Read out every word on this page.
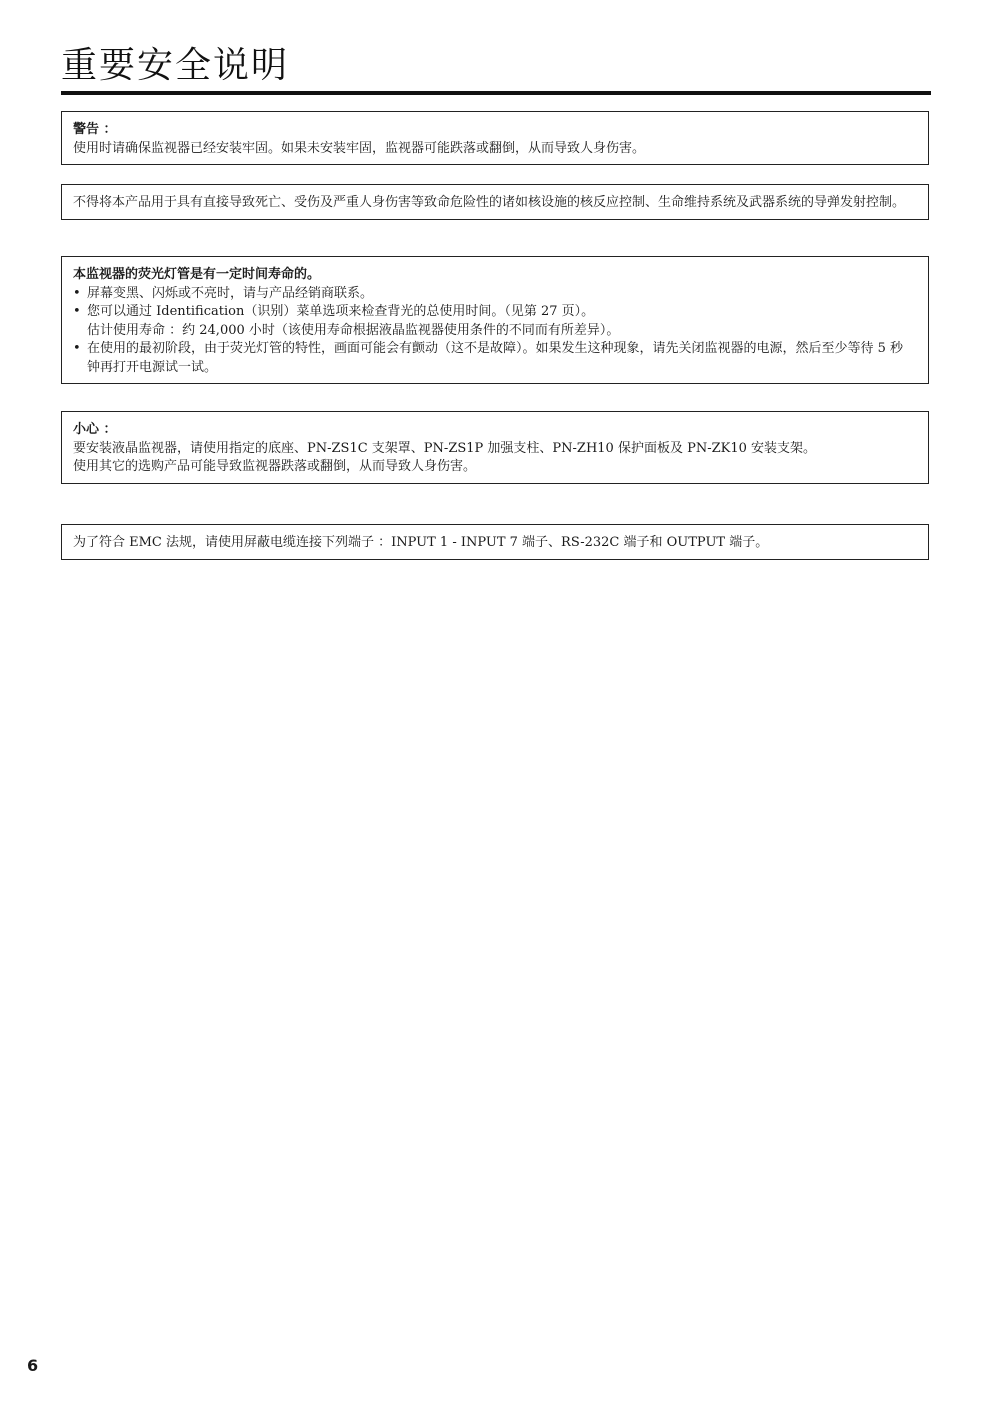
重要安全说明
警告 ：
使用时请确保监视器已经安装牢固。如果未安装牢固，监视器可能跌落或翻倒，从而导致人身伤害。
不得将本产品用于具有直接导致死亡、受伤及严重人身伤害等致命危险性的诸如核设施的核反应控制、生命维持系统及武器系统的导弹发射控制。
本监视器的荧光灯管是有一定时间寿命的。
• 屏幕变黑、闪烁或不亮时，请与产品经销商联系。
• 您可以通过 Identification（识别）菜单选项来检查背光的总使用时间。（见第 27 页）。
估计使用寿命 ：约 24,000 小时（该使用寿命根据液晶监视器使用条件的不同而有所差异）。
• 在使用的最初阶段，由于荧光灯管的特性，画面可能会有颤动（这不是故障）。如果发生这种现象，请先关闭监视器的电源，然后至少等待 5 秒钟再打开电源试一试。
小心 ：
要安装液晶监视器，请使用指定的底座、PN-ZS1C 支架罩、PN-ZS1P 加强支柱、PN-ZH10 保护面板及 PN-ZK10 安装支架。
使用其它的选购产品可能导致监视器跌落或翻倒，从而导致人身伤害。
为了符合 EMC 法规，请使用屏蔽电缆连接下列端子 ：INPUT 1 - INPUT 7 端子、RS-232C 端子和 OUTPUT 端子。
6
